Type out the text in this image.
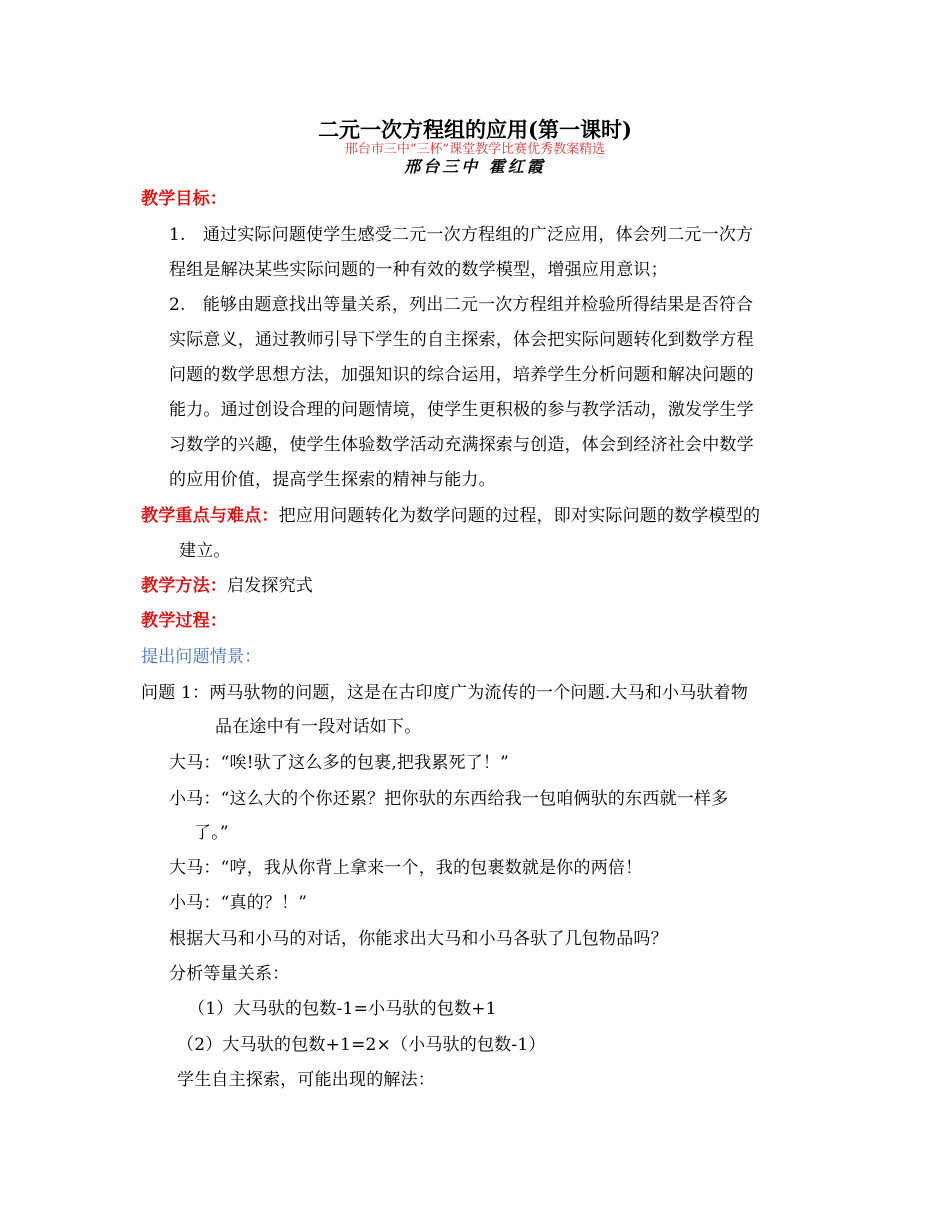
二元一次方程组的应用(第一课时)
邢台市三中“三杯”课堂教学比赛优秀教案精选
邢台三中 霍红霞
教学目标：
1.　通过实际问题使学生感受二元一次方程组的广泛应用，体会列二元一次方
程组是解决某些实际问题的一种有效的数学模型，增强应用意识；
2.　能够由题意找出等量关系，列出二元一次方程组并检验所得结果是否符合
实际意义，通过教师引导下学生的自主探索，体会把实际问题转化到数学方程
问题的数学思想方法，加强知识的综合运用，培养学生分析问题和解决问题的
能力。通过创设合理的问题情境，使学生更积极的参与教学活动，激发学生学
习数学的兴趣，使学生体验数学活动充满探索与创造，体会到经济社会中数学
的应用价值，提高学生探索的精神与能力。
教学重点与难点：把应用问题转化为数学问题的过程，即对实际问题的数学模型的
建立。
教学方法：启发探究式
教学过程：
提出问题情景：
问题 1：两马驮物的问题，这是在古印度广为流传的一个问题.大马和小马驮着物
品在途中有一段对话如下。
大马：“唉!驮了这么多的包裹,把我累死了！”
小马：“这么大的个你还累？把你驮的东西给我一包咱俩驮的东西就一样多
了。”
大马：“哼，我从你背上拿来一个，我的包裹数就是你的两倍！
小马：“真的？！”
根据大马和小马的对话，你能求出大马和小马各驮了几包物品吗？
分析等量关系：
（1）大马驮的包数-1=小马驮的包数+1
（2）大马驮的包数+1=2×（小马驮的包数-1）
学生自主探索，可能出现的解法：
